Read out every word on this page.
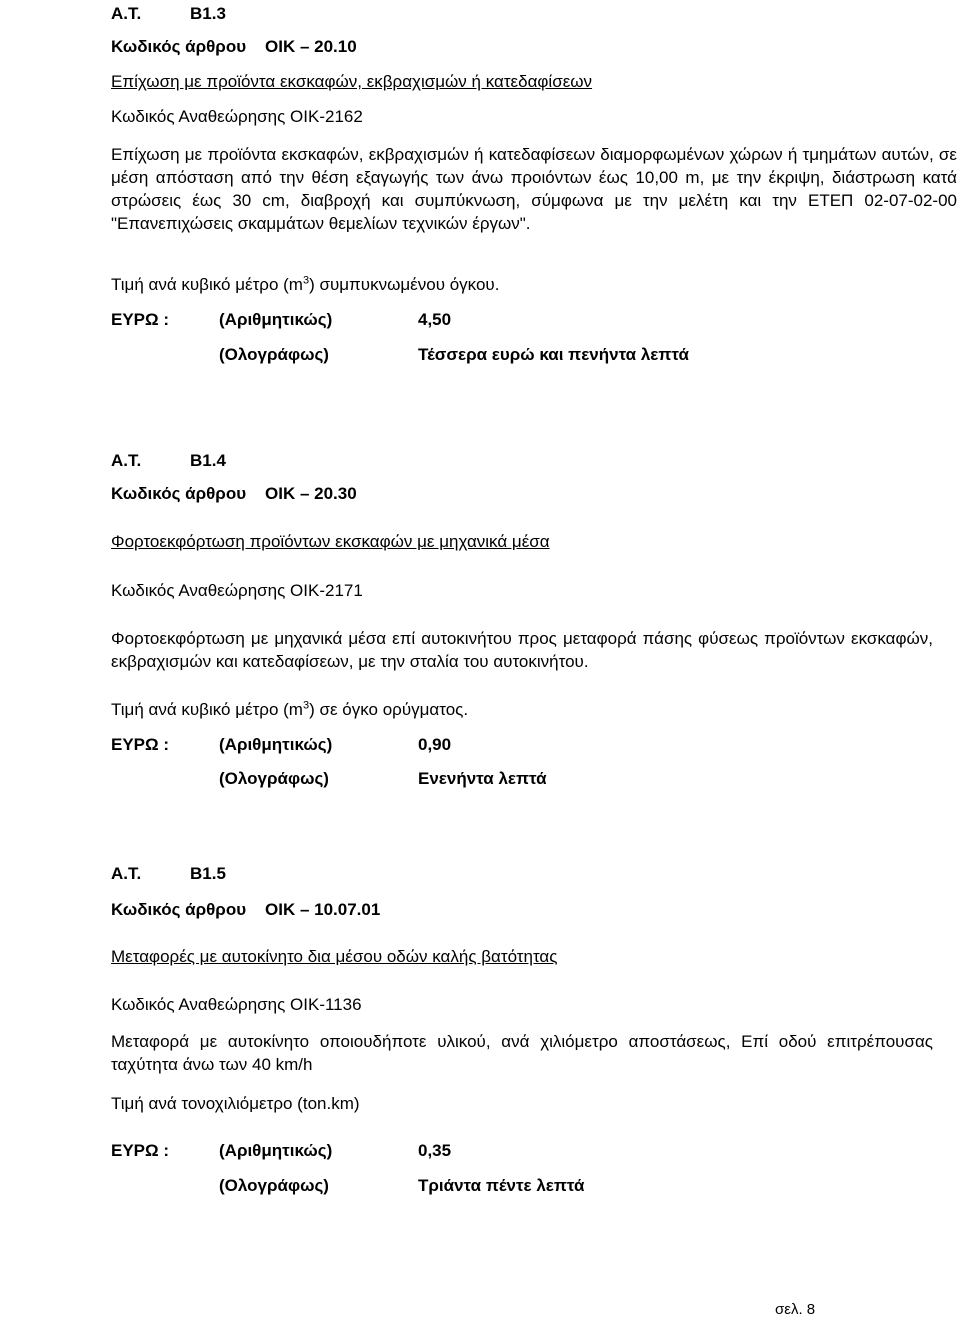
Α.Τ.	Β1.3
Κωδικός άρθρου ΟΙΚ – 20.10
Επίχωση με προϊόντα εκσκαφών, εκβραχισμών ή κατεδαφίσεων
Κωδικός Αναθεώρησης ΟΙΚ-2162
Επίχωση με προϊόντα εκσκαφών, εκβραχισμών ή κατεδαφίσεων διαμορφωμένων χώρων ή τμημάτων αυτών, σε μέση απόσταση από την θέση εξαγωγής των άνω προιόντων έως 10,00 m, με την έκριψη, διάστρωση κατά στρώσεις έως 30 cm, διαβροχή και συμπύκνωση, σύμφωνα με την μελέτη και την ΕΤΕΠ 02-07-02-00 "Επανεπιχώσεις σκαμμάτων θεμελίων τεχνικών έργων".
Τιμή ανά κυβικό μέτρο $(m^3)$ συμπυκνωμένου όγκου.
ΕΥΡΩ :	(Αριθμητικώς)	4,50
(Ολογράφως)	Τέσσερα ευρώ και πενήντα λεπτά
Α.Τ.	Β1.4
Κωδικός άρθρου ΟΙΚ – 20.30
Φορτοεκφόρτωση προϊόντων εκσκαφών με μηχανικά μέσα
Κωδικός Αναθεώρησης ΟΙΚ-2171
Φορτοεκφόρτωση με μηχανικά μέσα επί αυτοκινήτου προς μεταφορά πάσης φύσεως προϊόντων εκσκαφών, εκβραχισμών και κατεδαφίσεων, με την σταλία του αυτοκινήτου.
Τιμή ανά κυβικό μέτρο $(m^3)$ σε όγκο ορύγματος.
ΕΥΡΩ :	(Αριθμητικώς)	0,90
(Ολογράφως)	Ενενήντα λεπτά
Α.Τ.	Β1.5
Κωδικός άρθρου ΟΙΚ – 10.07.01
Μεταφορές με αυτοκίνητο δια μέσου οδών καλής βατότητας
Κωδικός Αναθεώρησης ΟΙΚ-1136
Μεταφορά με αυτοκίνητο οποιουδήποτε υλικού, ανά χιλιόμετρο αποστάσεως, Επί οδού επιτρέπουσας ταχύτητα άνω των 40 km/h
Τιμή ανά τονοχιλιόμετρο (ton.km)
ΕΥΡΩ :	(Αριθμητικώς)	0,35
(Ολογράφως)	Τριάντα πέντε λεπτά
σελ. 8
